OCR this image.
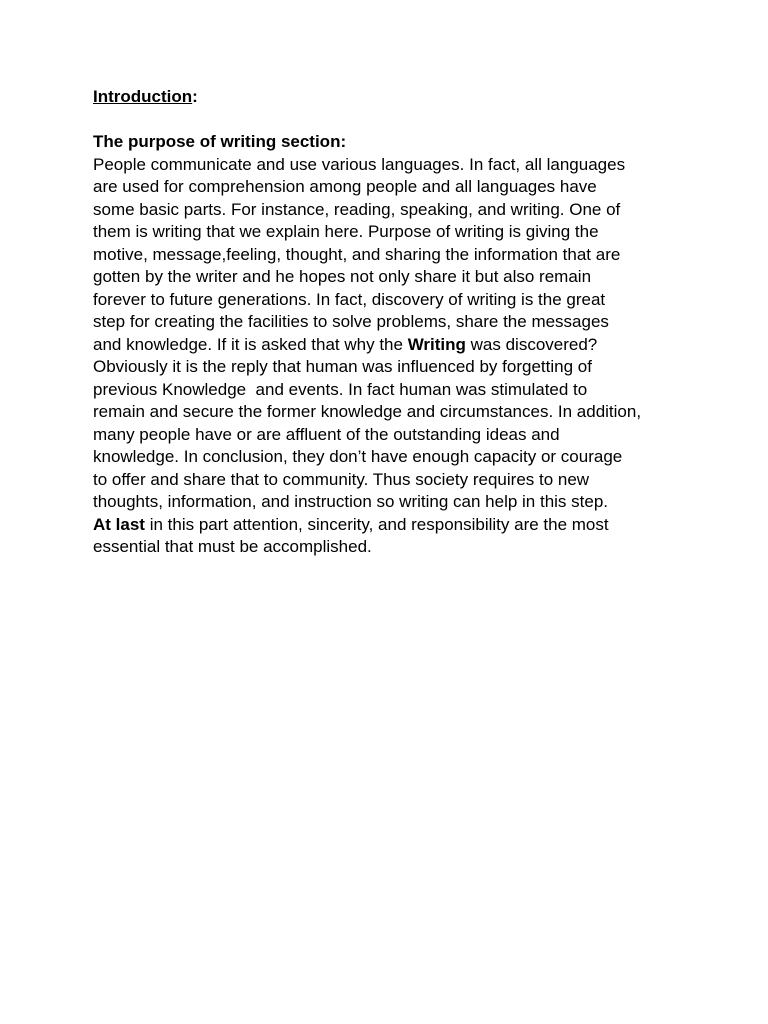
Introduction:
The purpose of writing section:
People communicate and use various languages. In fact, all languages
are used for comprehension among people and all languages have
some basic parts. For instance, reading, speaking, and writing. One of
them is writing that we explain here. Purpose of writing is giving the
motive, message,feeling, thought, and sharing the information that are
gotten by the writer and he hopes not only share it but also remain
forever to future generations. In fact, discovery of writing is the great
step for creating the facilities to solve problems, share the messages
and knowledge. If it is asked that why the Writing was discovered?
Obviously it is the reply that human was influenced by forgetting of
previous Knowledge  and events. In fact human was stimulated to
remain and secure the former knowledge and circumstances. In addition,
many people have or are affluent of the outstanding ideas and
knowledge. In conclusion, they don’t have enough capacity or courage
to offer and share that to community. Thus society requires to new
thoughts, information, and instruction so writing can help in this step.
At last in this part attention, sincerity, and responsibility are the most
essential that must be accomplished.
